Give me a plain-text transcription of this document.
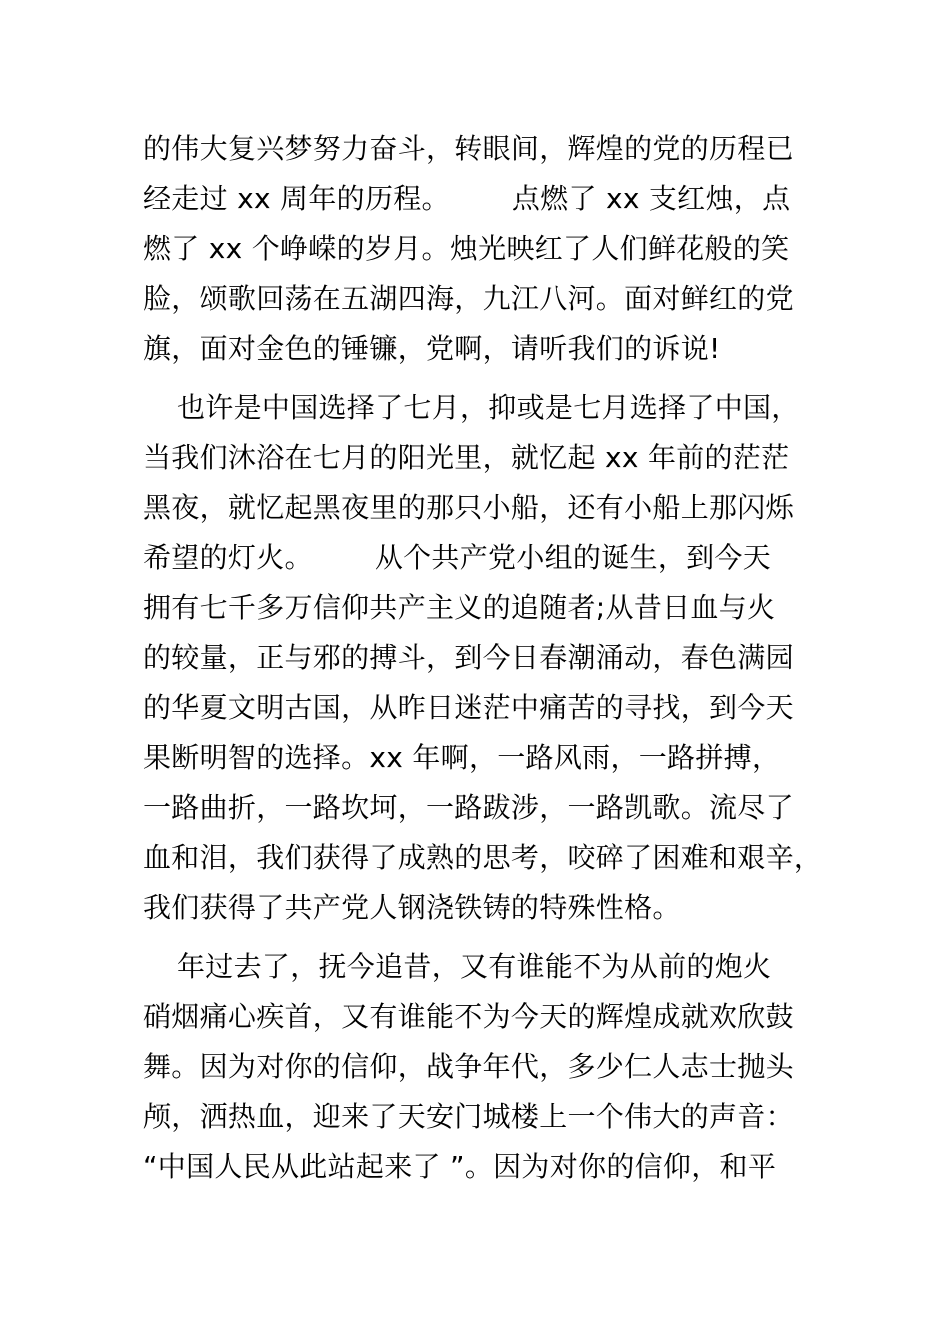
的伟大复兴梦努力奋斗，转眼间，辉煌的党的历程已
经走过 xx 周年的历程。 点燃了 xx 支红烛，点
燃了 xx 个峥嵘的岁月。烛光映红了人们鲜花般的笑
脸，颂歌回荡在五湖四海，九江八河。面对鲜红的党
旗，面对金色的锤镰，党啊，请听我们的诉说!
也许是中国选择了七月，抑或是七月选择了中国，
当我们沐浴在七月的阳光里，就忆起 xx 年前的茫茫
黑夜，就忆起黑夜里的那只小船，还有小船上那闪烁
希望的灯火。 从个共产党小组的诞生，到今天
拥有七千多万信仰共产主义的追随者;从昔日血与火
的较量，正与邪的搏斗，到今日春潮涌动，春色满园
的华夏文明古国，从昨日迷茫中痛苦的寻找，到今天
果断明智的选择。xx 年啊，一路风雨，一路拼搏，
一路曲折，一路坎坷，一路跋涉，一路凯歌。流尽了
血和泪，我们获得了成熟的思考，咬碎了困难和艰辛，
我们获得了共产党人钢浇铁铸的特殊性格。
年过去了，抚今追昔，又有谁能不为从前的炮火
硝烟痛心疾首，又有谁能不为今天的辉煌成就欢欣鼓
舞。因为对你的信仰，战争年代，多少仁人志士抛头
颅，洒热血，迎来了天安门城楼上一个伟大的声音：
“中国人民从此站起来了 ”。因为对你的信仰，和平
